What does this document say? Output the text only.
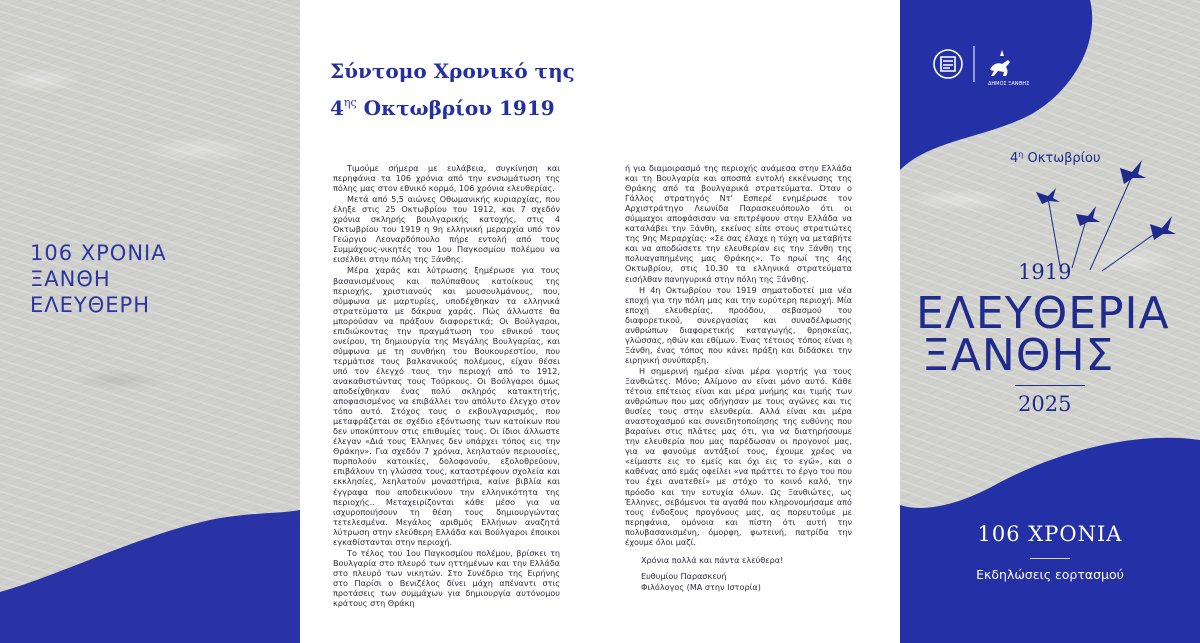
106 ΧΡΟΝΙΑ
ΞΑΝΘΗ
ΕΛΕΥΘΕΡΗ
Σύντομο Χρονικό της
$4^{\eta\varsigma}$ Οκτωβρίου 1919

Τιμούμε σήμερα με ευλάβεια, συγκίνηση και περηφάνια τα 106 χρόνια από την ενσωμάτωση της πόλης μας στον εθνικό κορμό, 106 χρόνια ελευθερίας.

Μετά από 5,5 αιώνες Οθωμανικής κυριαρχίας, που έληξε στις 25 Οκτωβρίου του 1912, και 7 σχεδόν χρόνια σκληρής βουλγαρικής κατοχής, στις 4 Οκτωβρίου του 1919 η 9η ελληνική μεραρχία υπό τον Γεώργιο Λεοναρδόπουλο πήρε εντολή από τους Συμμάχους-νικητές του 1ου Παγκοσμίου πολέμου να εισέλθει στην πόλη της Ξάνθης.

Μέρα χαράς και λύτρωσης ξημέρωσε για τους βασανισμένους και πολύπαθους κατοίκους της περιοχής, χριστιανούς και μουσουλμάνους, που, σύμφωνα με μαρτυρίες, υποδέχθηκαν τα ελληνικά στρατεύματα με δάκρυα χαράς. Πώς άλλωστε θα μπορούσαν να πράξουν διαφορετικά; Οι Βούλγαροι, επιδιώκοντας την πραγμάτωση του εθνικού τους ονείρου, τη δημιουργία της Μεγάλης Βουλγαρίας, και σύμφωνα με τη συνθήκη του Βουκουρεστίου, που τερμάτισε τους βαλκανικούς πολέμους, είχαν θέσει υπό τον έλεγχό τους την περιοχή από το 1912, ανακαθιστώντας τους Τούρκους. Οι Βούλγαροι όμως αποδείχθηκαν ένας πολύ σκληρός κατακτητής, αποφασισμένος να επιβάλλει τον απόλυτο έλεγχο στον τόπο αυτό. Στόχος τους ο εκβουλγαρισμός, που μεταφράζεται σε σχέδιο εξόντωσης των κατοίκων που δεν υποκύπτουν στις επιθυμίες τους. Οι ίδιοι άλλωστε έλεγαν «Διά τους Έλληνες δεν υπάρχει τόπος εις την Θράκην». Για σχεδόν 7 χρόνια, λεηλατούν περιουσίες, πυρπολούν κατοικίες, δολοφονούν, εξολοθρεύουν, επιβάλουν τη γλώσσα τους, καταστρέφουν σχολεία και εκκλησίες, λεηλατούν μοναστήρια, καίνε βιβλία και έγγραφα που αποδεικνύουν την ελληνικότητα της περιοχής.. Μεταχειρίζονται κάθε μέσο για να ισχυροποιήσουν τη θέση τους δημιουργώντας τετελεσμένα. Μεγάλος αριθμός Ελλήνων αναζητά λύτρωση στην ελεύθερη Ελλάδα και Βούλγαροι έποικοι εγκαθίστανται στην περιοχή.

Το τέλος του 1ου Παγκοσμίου πολέμου, βρίσκει τη Βουλγαρία στο πλευρό των ηττημένων και την Ελλάδα στο πλευρό των νικητών. Στο Συνέδριο της Ειρήνης στο Παρίσι ο Βενιζέλος δίνει μάχη απέναντι στις προτάσεις των συμμάχων για δημιουργία αυτόνομου κράτους στη Θράκη

ή για διαμοιρασμό της περιοχής ανάμεσα στην Ελλάδα και τη Βουλγαρία και αποσπά εντολή εκκένωσης της Θράκης από τα βουλγαρικά στρατεύματα. Όταν ο Γάλλος στρατηγός Ντ' Εσπερέ ενημέρωσε τον Αρχιστράτηγο Λεωνίδα Παρασκευόπουλο ότι οι σύμμαχοι αποφάσισαν να επιτρέψουν στην Ελλάδα να καταλάβει την Ξάνθη, εκείνος είπε στους στρατιώτες της 9ης Μεραρχίας: «Σε σας έλαχε η τύχη να μεταβήτε και να αποδώσετε την ελευθερίαν εις την Ξάνθη της πολυαγαπημένης μας Θράκης». Το πρωί της 4ης Οκτωβρίου, στις 10.30 τα ελληνικά στρατεύματα εισήλθαν πανηγυρικά στην πόλη της Ξάνθης.

Η 4η Οκτωβρίου του 1919 σηματοδοτεί μια νέα εποχή για την πόλη μας και την ευρύτερη περιοχή. Μία εποχή ελευθερίας, προόδου, σεβασμού του διαφορετικού, συνεργασίας και συναδέλφωσης ανθρώπων διαφορετικής καταγωγής, θρησκείας, γλώσσας, ηθών και εθίμων. Ένας τέτοιος τόπος είναι η Ξάνθη, ένας τόπος που κάνει πράξη και διδάσκει την ειρηνική συνύπαρξη.

Η σημερινή ημέρα είναι μέρα γιορτής για τους Ξανθιώτες. Μόνο; Αλίμονο αν είναι μόνο αυτό. Κάθε τέτοια επέτειος είναι και μέρα μνήμης και τιμής των ανθρώπων που μας οδήγησαν με τους αγώνες και τις θυσίες τους στην ελευθερία. Αλλά είναι και μέρα αναστοχασμού και συνειδητοποίησης της ευθύνης που βαραίνει στις πλάτες μας ότι, για να διατηρήσουμε την ελευθερία που μας παρέδωσαν οι προγονοί μας, για να φανούμε αντάξιοί τους, έχουμε χρέος να «είμαστε εις το εμείς και όχι εις το εγώ», και ο καθένας από εμάς οφείλει «να πράττει το έργο του που του έχει ανατεθεί» με στόχο το κοινό καλό, την πρόοδο και την ευτυχία όλων. Ως Ξανθιώτες, ως Έλληνες, σεβόμενοι τα αγαθά που κληρονομήσαμε από τους ένδοξους προγόνους μας, ας πορευτούμε με περηφάνια, ομόνοια και πίστη ότι αυτή την πολυβασανισμένη, όμορφη, φωτεινή, πατρίδα την έχουμε όλοι μαζί.

Χρόνια πολλά και πάντα ελεύθερα!

Ευθυμίου Παρασκευή

Φιλόλογος (ΜΑ στην Ιστορία)

ΔΗΜΟΣ ΞΑΝΘΗΣ
$4^\eta$ Οκτωβρίου
1919
ΕΛΕΥΘΕΡΙΑ
ΞΑΝΘΗΣ
2025
106 ΧΡΟΝΙΑ
Εκδηλώσεις εορτασμού
